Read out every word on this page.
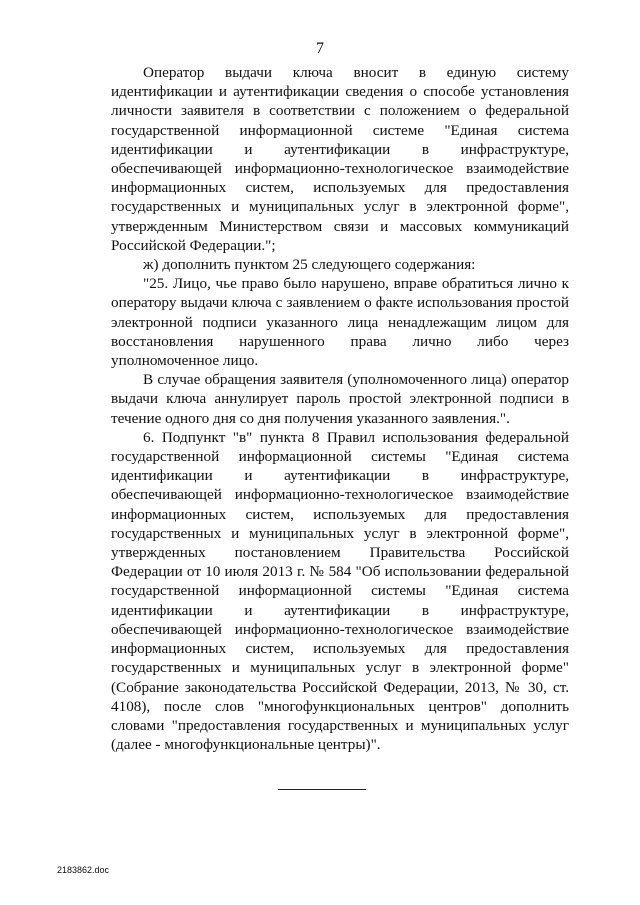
7

Оператор выдачи ключа вносит в единую систему идентификации и аутентификации сведения о способе установления личности заявителя в соответствии с положением о федеральной государственной информационной системе "Единая система идентификации и аутентификации в инфраструктуре, обеспечивающей информационно-технологическое взаимодействие информационных систем, используемых для предоставления государственных и муниципальных услуг в электронной форме", утвержденным Министерством связи и массовых коммуникаций Российской Федерации.";

ж) дополнить пунктом 25 следующего содержания:

"25. Лицо, чье право было нарушено, вправе обратиться лично к оператору выдачи ключа с заявлением о факте использования простой электронной подписи указанного лица ненадлежащим лицом для восстановления нарушенного права лично либо через уполномоченное лицо.

В случае обращения заявителя (уполномоченного лица) оператор выдачи ключа аннулирует пароль простой электронной подписи в течение одного дня со дня получения указанного заявления.".

6. Подпункт "в" пункта 8 Правил использования федеральной государственной информационной системы "Единая система идентификации и аутентификации в инфраструктуре, обеспечивающей информационно-технологическое взаимодействие информационных систем, используемых для предоставления государственных и муниципальных услуг в электронной форме", утвержденных постановлением Правительства Российской Федерации от 10 июля 2013 г. № 584 "Об использовании федеральной государственной информационной системы "Единая система идентификации и аутентификации в инфраструктуре, обеспечивающей информационно-технологическое взаимодействие информационных систем, используемых для предоставления государственных и муниципальных услуг в электронной форме" (Собрание законодательства Российской Федерации, 2013, № 30, ст. 4108), после слов "многофункциональных центров" дополнить словами "предоставления государственных и муниципальных услуг (далее - многофункциональные центры)".

2183862.doc
